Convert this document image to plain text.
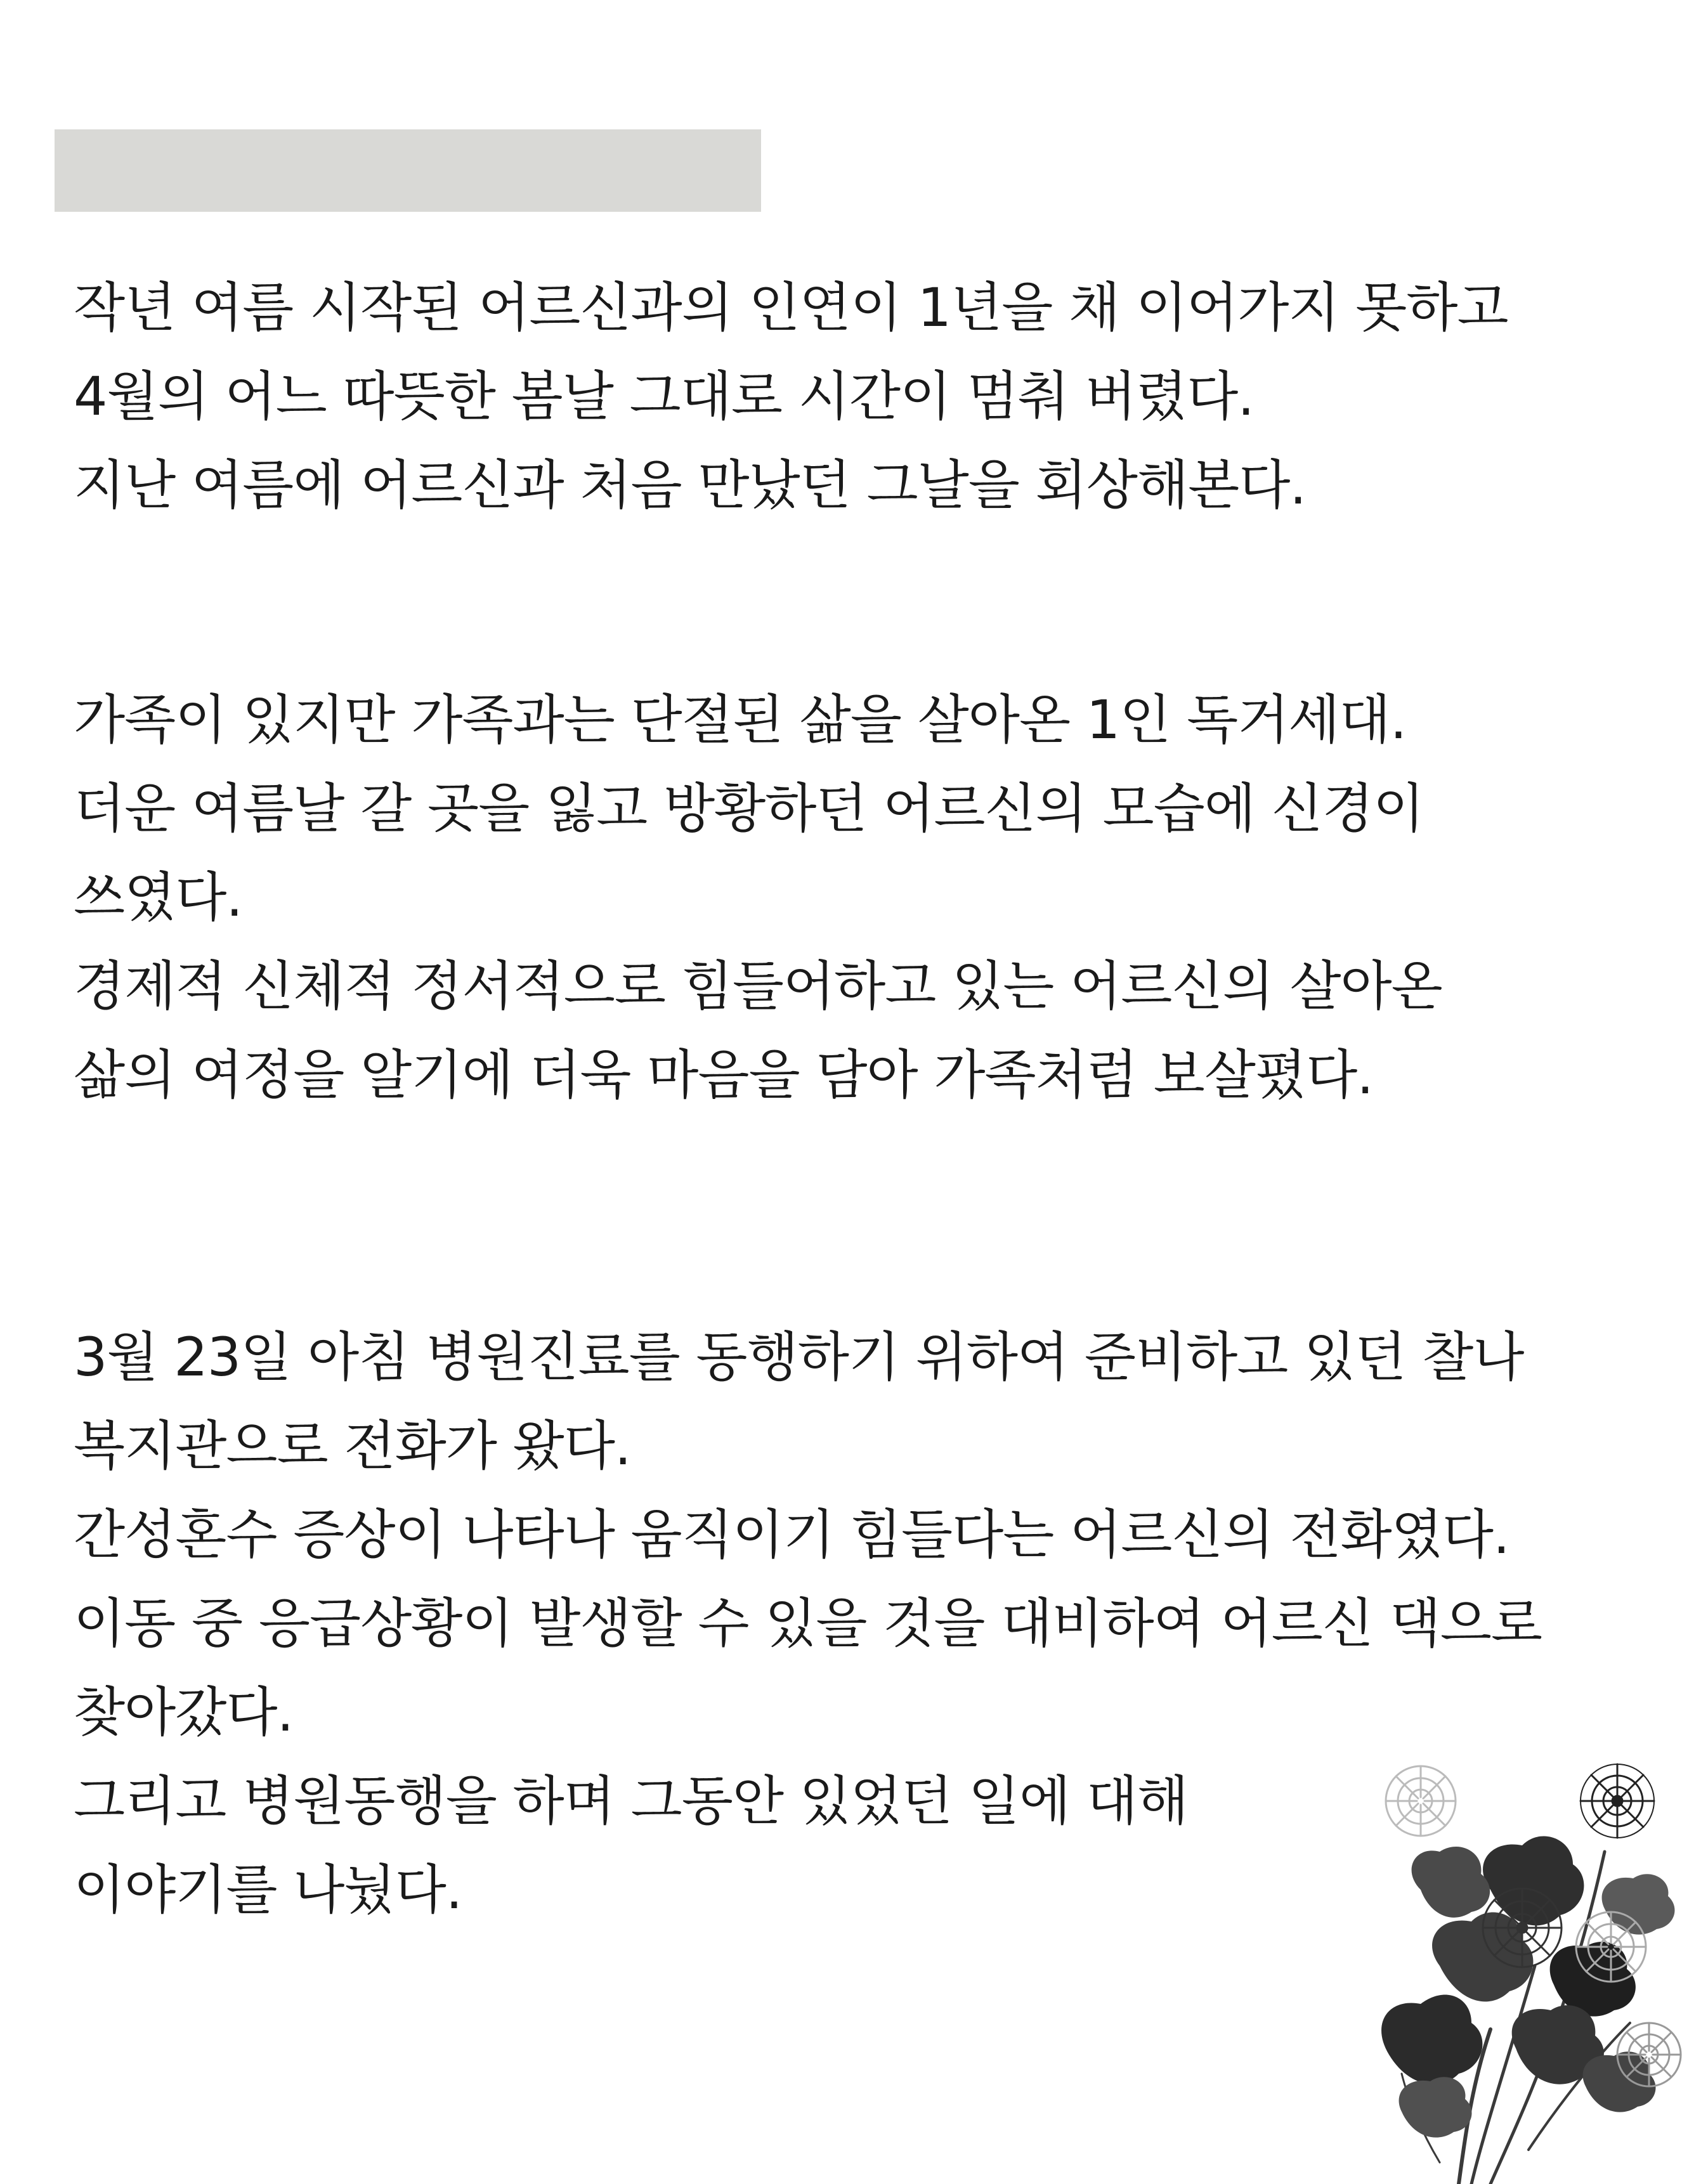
작년 여름 시작된 어르신과의 인연이 1년을 채 이어가지 못하고

4월의 어느 따뜻한 봄날 그대로 시간이 멈춰 버렸다.

지난 여름에 어르신과 처음 만났던 그날을 회상해본다.

가족이 있지만 가족과는 단절된 삶을 살아온 1인 독거세대.

더운 여름날 갈 곳을 잃고 방황하던 어르신의 모습에 신경이

쓰였다.

경제적 신체적 정서적으로 힘들어하고 있는 어르신의 살아온

삶의 여정을 알기에 더욱 마음을 담아 가족처럼 보살폈다.

3월 23일 아침 병원진료를 동행하기 위하여 준비하고 있던 찰나

복지관으로 전화가 왔다.

간성혼수 증상이 나타나 움직이기 힘들다는 어르신의 전화였다.

이동 중 응급상황이 발생할 수 있을 것을 대비하여 어르신 댁으로

찾아갔다.

그리고 병원동행을 하며 그동안 있었던 일에 대해

이야기를 나눴다.
